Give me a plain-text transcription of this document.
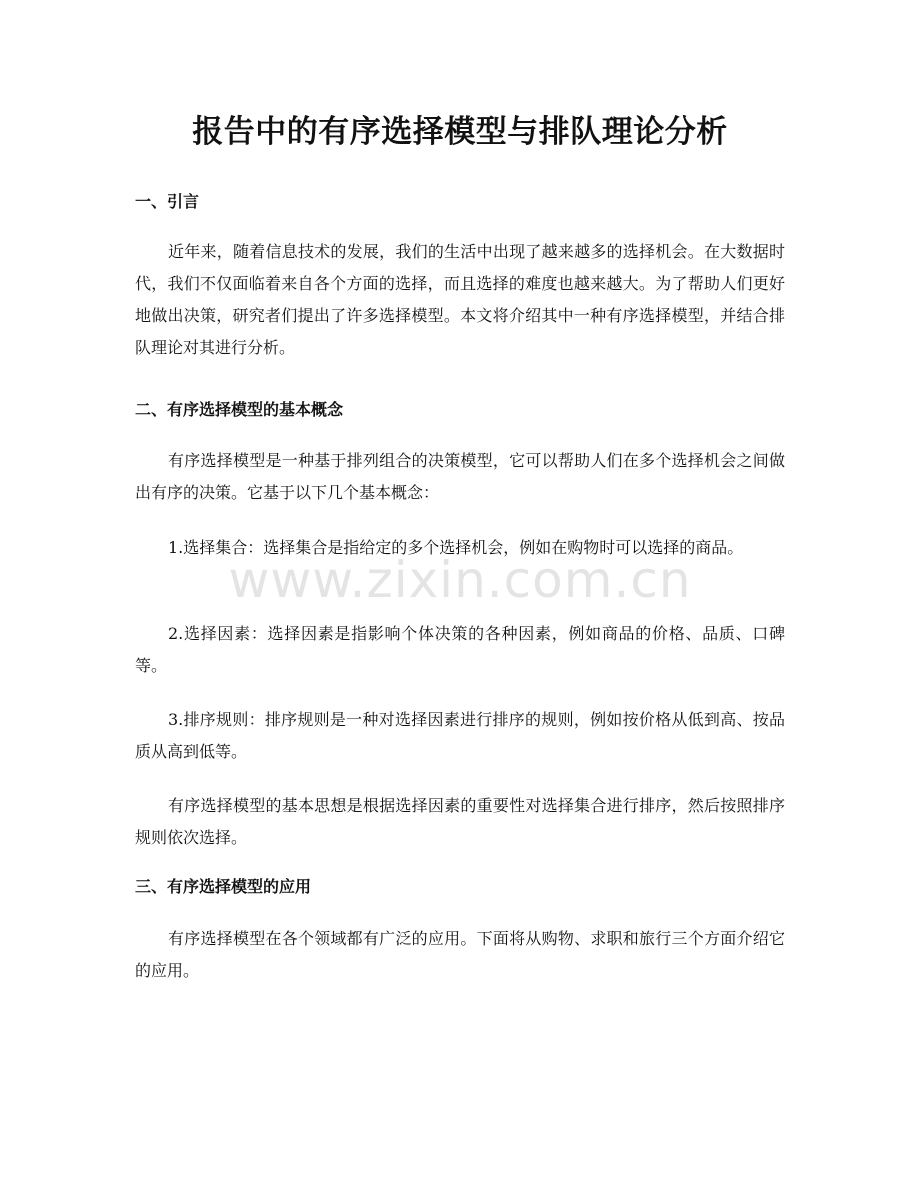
报告中的有序选择模型与排队理论分析
一、引言

近年来，随着信息技术的发展，我们的生活中出现了越来越多的选择机会。在大数据时代，我们不仅面临着来自各个方面的选择，而且选择的难度也越来越大。为了帮助人们更好地做出决策，研究者们提出了许多选择模型。本文将介绍其中一种有序选择模型，并结合排队理论对其进行分析。

二、有序选择模型的基本概念

有序选择模型是一种基于排列组合的决策模型，它可以帮助人们在多个选择机会之间做出有序的决策。它基于以下几个基本概念：

1.选择集合：选择集合是指给定的多个选择机会，例如在购物时可以选择的商品。

2.选择因素：选择因素是指影响个体决策的各种因素，例如商品的价格、品质、口碑等。

3.排序规则：排序规则是一种对选择因素进行排序的规则，例如按价格从低到高、按品质从高到低等。

有序选择模型的基本思想是根据选择因素的重要性对选择集合进行排序，然后按照排序规则依次选择。

三、有序选择模型的应用

有序选择模型在各个领域都有广泛的应用。下面将从购物、求职和旅行三个方面介绍它的应用。

www.zixin.com.cn
